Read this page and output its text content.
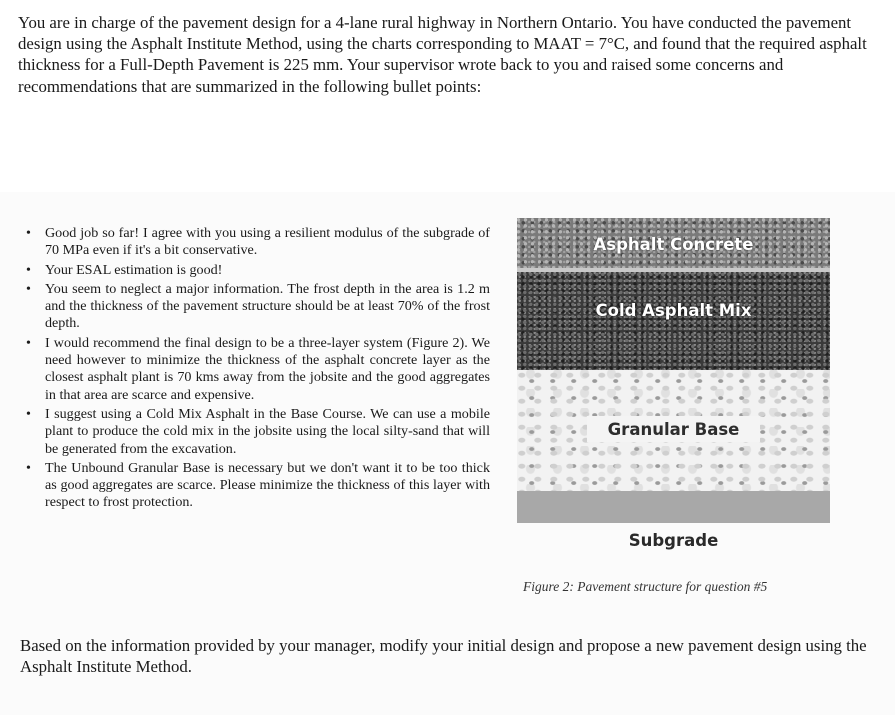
You are in charge of the pavement design for a 4-lane rural highway in Northern Ontario. You have conducted the pavement design using the Asphalt Institute Method, using the charts corresponding to MAAT = 7°C, and found that the required asphalt thickness for a Full-Depth Pavement is 225 mm. Your supervisor wrote back to you and raised some concerns and recommendations that are summarized in the following bullet points:
• Good job so far! I agree with you using a resilient modulus of the subgrade of 70 MPa even if it's a bit conservative.
• Your ESAL estimation is good!
• You seem to neglect a major information. The frost depth in the area is 1.2 m and the thickness of the pavement structure should be at least 70% of the frost depth.
• I would recommend the final design to be a three-layer system (Figure 2). We need however to minimize the thickness of the asphalt concrete layer as the closest asphalt plant is 70 kms away from the jobsite and the good aggregates in that area are scarce and expensive.
• I suggest using a Cold Mix Asphalt in the Base Course. We can use a mobile plant to produce the cold mix in the jobsite using the local silty-sand that will be generated from the excavation.
• The Unbound Granular Base is necessary but we don't want it to be too thick as good aggregates are scarce. Please minimize the thickness of this layer with respect to frost protection.
Asphalt Concrete
Cold Asphalt Mix
Granular Base
Subgrade
Figure 2: Pavement structure for question #5
Based on the information provided by your manager, modify your initial design and propose a new pavement design using the Asphalt Institute Method.
